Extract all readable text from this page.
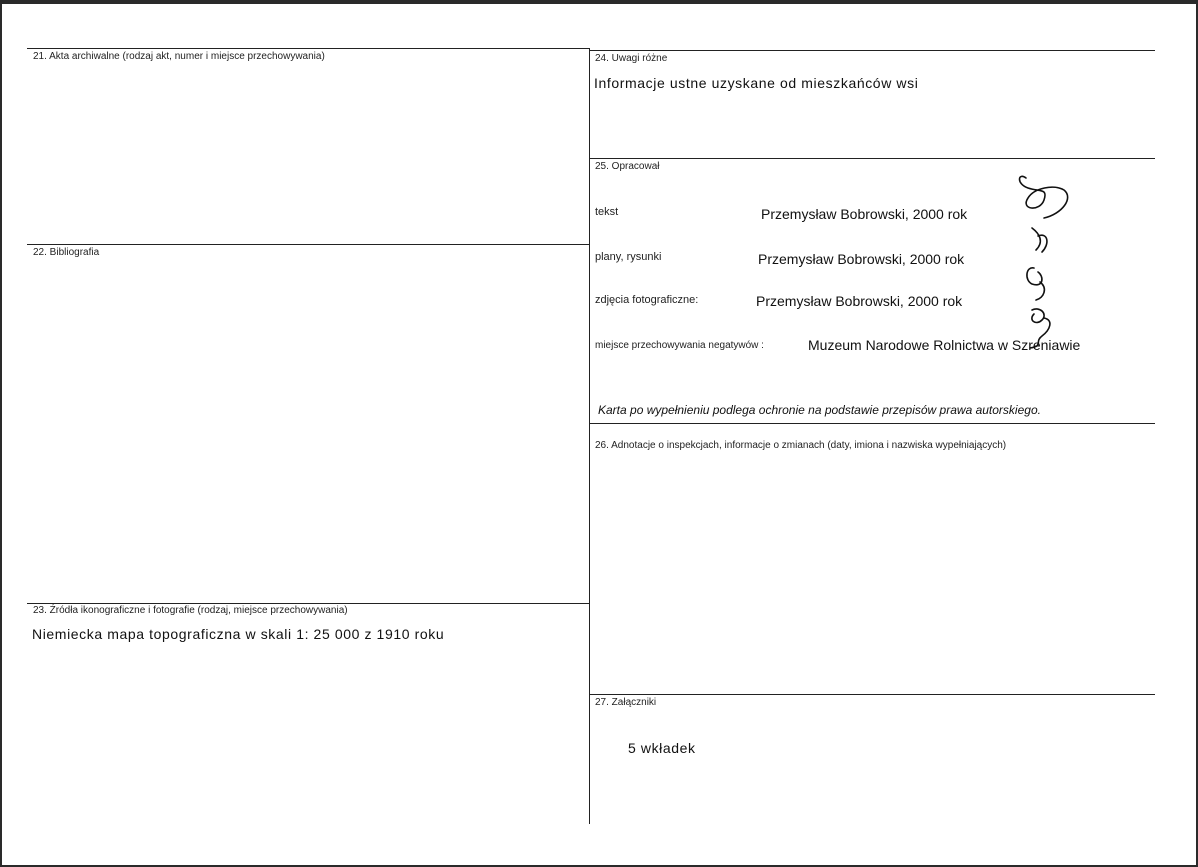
21. Akta archiwalne (rodzaj akt, numer i miejsce przechowywania)
22. Bibliografia
23. Źródła ikonograficzne i fotografie (rodzaj, miejsce przechowywania)
Niemiecka mapa topograficzna w skali 1: 25 000 z 1910 roku
24. Uwagi różne
Informacje ustne uzyskane od mieszkańców wsi
25. Opracował
tekst	Przemysław Bobrowski, 2000 rok
plany, rysunki	Przemysław Bobrowski, 2000 rok
zdjęcia fotograficzne:	Przemysław Bobrowski, 2000 rok
miejsce przechowywania negatywów :	Muzeum Narodowe Rolnictwa w Szreniawie
Karta po wypełnieniu podlega ochronie na podstawie przepisów prawa autorskiego.
26. Adnotacje o inspekcjach, informacje o zmianach (daty, imiona i nazwiska wypełniających)
27. Załączniki
5 wkładek
